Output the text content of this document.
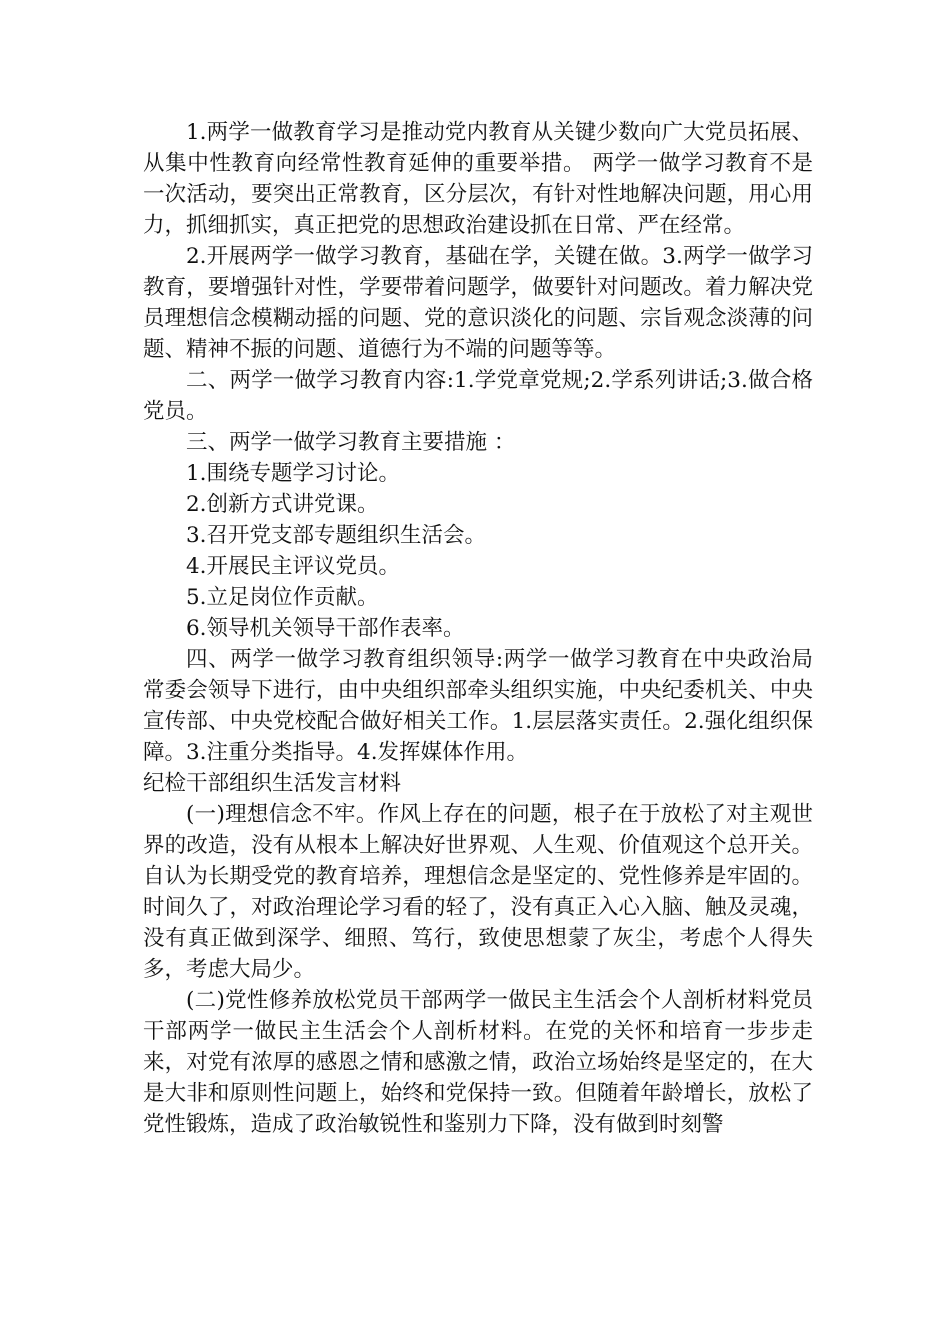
1.两学一做教育学习是推动党内教育从关键少数向广大党员拓展、从集中性教育向经常性教育延伸的重要举措。 两学一做学习教育不是一次活动，要突出正常教育，区分层次，有针对性地解决问题，用心用力，抓细抓实，真正把党的思想政治建设抓在日常、严在经常。

2.开展两学一做学习教育，基础在学，关键在做。3.两学一做学习教育，要增强针对性，学要带着问题学，做要针对问题改。着力解决党员理想信念模糊动摇的问题、党的意识淡化的问题、宗旨观念淡薄的问题、精神不振的问题、道德行为不端的问题等等。

二、两学一做学习教育内容:1.学党章党规;2.学系列讲话;3.做合格党员。

三、两学一做学习教育主要措施 ：

1.围绕专题学习讨论。

2.创新方式讲党课。

3.召开党支部专题组织生活会。

4.开展民主评议党员。

5.立足岗位作贡献。

6.领导机关领导干部作表率。

四、两学一做学习教育组织领导:两学一做学习教育在中央政治局常委会领导下进行，由中央组织部牵头组织实施，中央纪委机关、中央宣传部、中央党校配合做好相关工作。1.层层落实责任。2.强化组织保障。3.注重分类指导。4.发挥媒体作用。

纪检干部组织生活发言材料

(一)理想信念不牢。作风上存在的问题，根子在于放松了对主观世界的改造，没有从根本上解决好世界观、人生观、价值观这个总开关。自认为长期受党的教育培养，理想信念是坚定的、党性修养是牢固的。时间久了，对政治理论学习看的轻了，没有真正入心入脑、触及灵魂，没有真正做到深学、细照、笃行，致使思想蒙了灰尘，考虑个人得失多，考虑大局少。

(二)党性修养放松党员干部两学一做民主生活会个人剖析材料党员干部两学一做民主生活会个人剖析材料。在党的关怀和培育一步步走来，对党有浓厚的感恩之情和感激之情，政治立场始终是坚定的，在大是大非和原则性问题上，始终和党保持一致。但随着年龄增长，放松了党性锻炼，造成了政治敏锐性和鉴别力下降，没有做到时刻警
